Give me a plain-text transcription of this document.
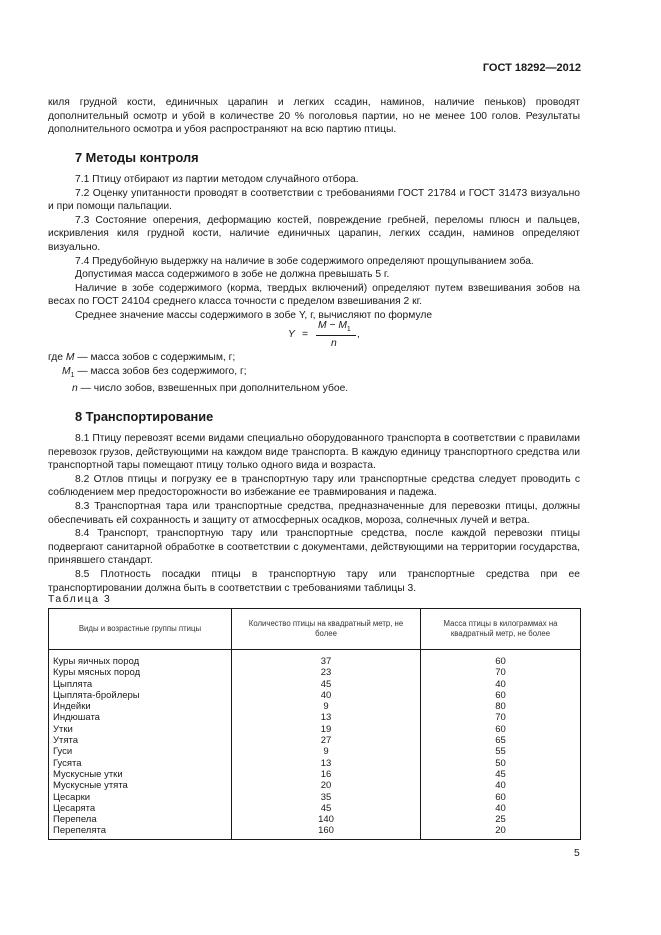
ГОСТ 18292—2012

киля грудной кости, единичных царапин и легких ссадин, наминов, наличие пеньков) проводят дополнительный осмотр и убой в количестве 20 % поголовья партии, но не менее 100 голов. Результаты дополнительного осмотра и убоя распространяют на всю партию птицы.

7 Методы контроля

7.1 Птицу отбирают из партии методом случайного отбора.

7.2 Оценку упитанности проводят в соответствии с требованиями ГОСТ 21784 и ГОСТ 31473 визуально и при помощи пальпации.

7.3 Состояние оперения, деформацию костей, повреждение гребней, переломы плюсн и пальцев, искривления киля грудной кости, наличие единичных царапин, легких ссадин, наминов определяют визуально.

7.4 Предубойную выдержку на наличие в зобе содержимого определяют прощупыванием зоба.

Допустимая масса содержимого в зобе не должна превышать 5 г.

Наличие в зобе содержимого (корма, твердых включений) определяют путем взвешивания зобов на весах по ГОСТ 24104 среднего класса точности с пределом взвешивания 2 кг.

Среднее значение массы содержимого в зобе Y, г, вычисляют по формуле

Y =
$M - M_1$
n
,
где M — масса зобов с содержимым, г;
$M_1$ — масса зобов без содержимого, г;
n — число зобов, взвешенных при дополнительном убое.
8 Транспортирование

8.1 Птицу перевозят всеми видами специально оборудованного транспорта в соответствии с правилами перевозок грузов, действующими на каждом виде транспорта. В каждую единицу транспортного средства или транспортной тары помещают птицу только одного вида и возраста.

8.2 Отлов птицы и погрузку ее в транспортную тару или транспортные средства следует проводить с соблюдением мер предосторожности во избежание ее травмирования и падежа.

8.3 Транспортная тара или транспортные средства, предназначенные для перевозки птицы, должны обеспечивать ей сохранность и защиту от атмосферных осадков, мороза, солнечных лучей и ветра.

8.4 Транспорт, транспортную тару или транспортные средства, после каждой перевозки птицы подвергают санитарной обработке в соответствии с документами, действующими на территории государства, принявшего стандарт.

8.5 Плотность посадки птицы в транспортную тару или транспортные средства при ее транспортировании должна быть в соответствии с требованиями таблицы 3.

Таблица 3
Виды и возрастные группы птицы	Количество птицы на квадратный метр, не более	Масса птицы в килограммах на квадратный метр, не более
Куры яичных пород	37	60
Куры мясных пород	23	70
Цыплята	45	40
Цыплята-бройлеры	40	60
Индейки	9	80
Индюшата	13	70
Утки	19	60
Утята	27	65
Гуси	9	55
Гусята	13	50
Мускусные утки	16	45
Мускусные утята	20	40
Цесарки	35	60
Цесарята	45	40
Перепела	140	25
Перепелята	160	20
5
